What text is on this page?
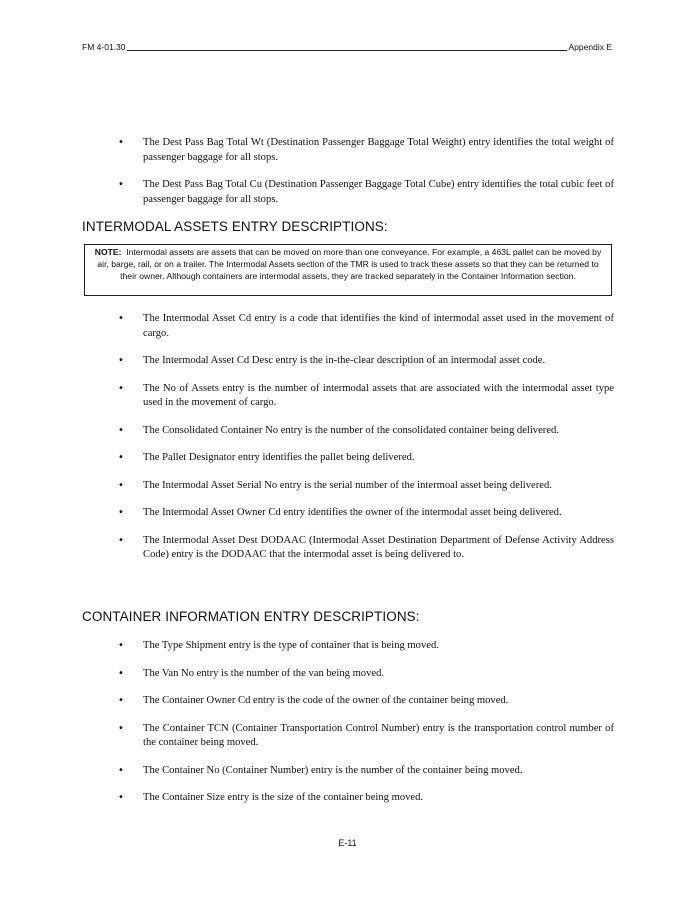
FM 4-01.30	Appendix E
• The Dest Pass Bag Total Wt (Destination Passenger Baggage Total Weight) entry identifies the total weight of passenger baggage for all stops.
• The Dest Pass Bag Total Cu (Destination Passenger Baggage Total Cube) entry identifies the total cubic feet of passenger baggage for all stops.
INTERMODAL ASSETS ENTRY DESCRIPTIONS:
NOTE: Intermodal assets are assets that can be moved on more than one conveyance. For example, a 463L pallet can be moved by air, barge, rail, or on a trailer. The Intermodal Assets section of the TMR is used to track these assets so that they can be returned to their owner. Although containers are intermodal assets, they are tracked separately in the Container Information section.
• The Intermodal Asset Cd entry is a code that identifies the kind of intermodal asset used in the movement of cargo.
• The Intermodal Asset Cd Desc entry is the in-the-clear description of an intermodal asset code.
• The No of Assets entry is the number of intermodal assets that are associated with the intermodal asset type used in the movement of cargo.
• The Consolidated Container No entry is the number of the consolidated container being delivered.
• The Pallet Designator entry identifies the pallet being delivered.
• The Intermodal Asset Serial No entry is the serial number of the intermoal asset being delivered.
• The Intermodal Asset Owner Cd entry identifies the owner of the intermodal asset being delivered.
• The Intermodal Asset Dest DODAAC (Intermodal Asset Destination Department of Defense Activity Address Code) entry is the DODAAC that the intermodal asset is being delivered to.
CONTAINER INFORMATION ENTRY DESCRIPTIONS:
• The Type Shipment entry is the type of container that is being moved.
• The Van No entry is the number of the van being moved.
• The Container Owner Cd entry is the code of the owner of the container being moved.
• The Container TCN (Container Transportation Control Number) entry is the transportation control number of the container being moved.
• The Container No (Container Number) entry is the number of the container being moved.
• The Container Size entry is the size of the container being moved.
E-11
